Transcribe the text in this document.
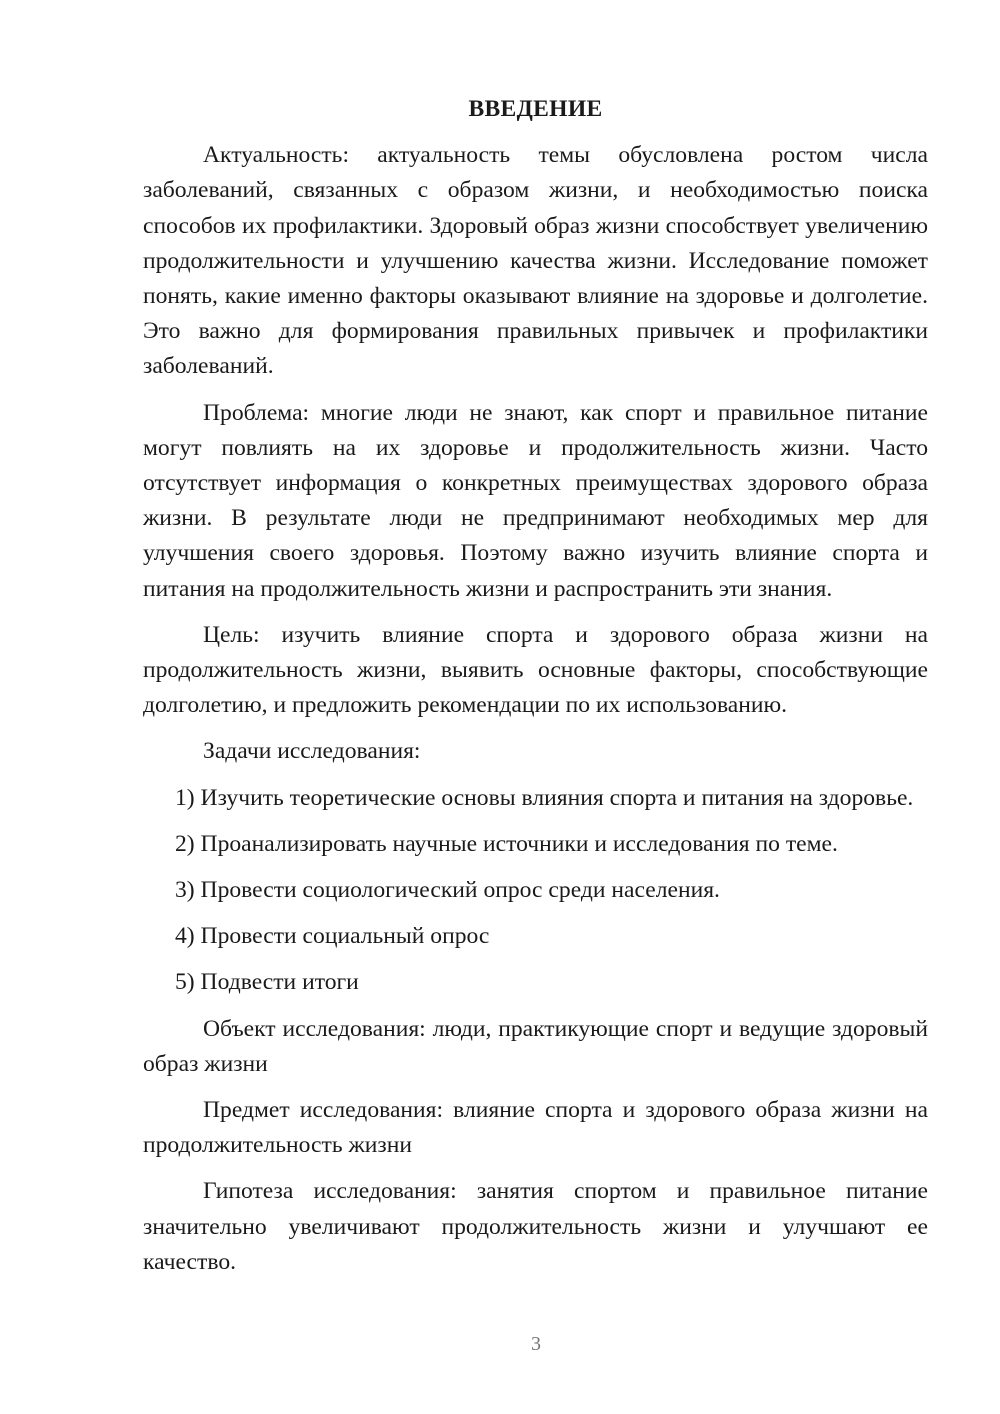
ВВЕДЕНИЕ

Актуальность: актуальность темы обусловлена ростом числа заболеваний, связанных с образом жизни, и необходимостью поиска способов их профилактики. Здоровый образ жизни способствует увеличению продолжительности и улучшению качества жизни. Исследование поможет понять, какие именно факторы оказывают влияние на здоровье и долголетие. Это важно для формирования правильных привычек и профилактики заболеваний.

Проблема: многие люди не знают, как спорт и правильное питание могут повлиять на их здоровье и продолжительность жизни. Часто отсутствует информация о конкретных преимуществах здорового образа жизни. В результате люди не предпринимают необходимых мер для улучшения своего здоровья. Поэтому важно изучить влияние спорта и питания на продолжительность жизни и распространить эти знания.

Цель: изучить влияние спорта и здорового образа жизни на продолжительность жизни, выявить основные факторы, способствующие долголетию, и предложить рекомендации по их использованию.

Задачи исследования:

1) Изучить теоретические основы влияния спорта и питания на здоровье.

2) Проанализировать научные источники и исследования по теме.

3) Провести социологический опрос среди населения.

4) Провести социальный опрос

5) Подвести итоги

Объект исследования: люди, практикующие спорт и ведущие здоровый образ жизни

Предмет исследования: влияние спорта и здорового образа жизни на продолжительность жизни

Гипотеза исследования: занятия спортом и правильное питание значительно увеличивают продолжительность жизни и улучшают ее качество.

3
